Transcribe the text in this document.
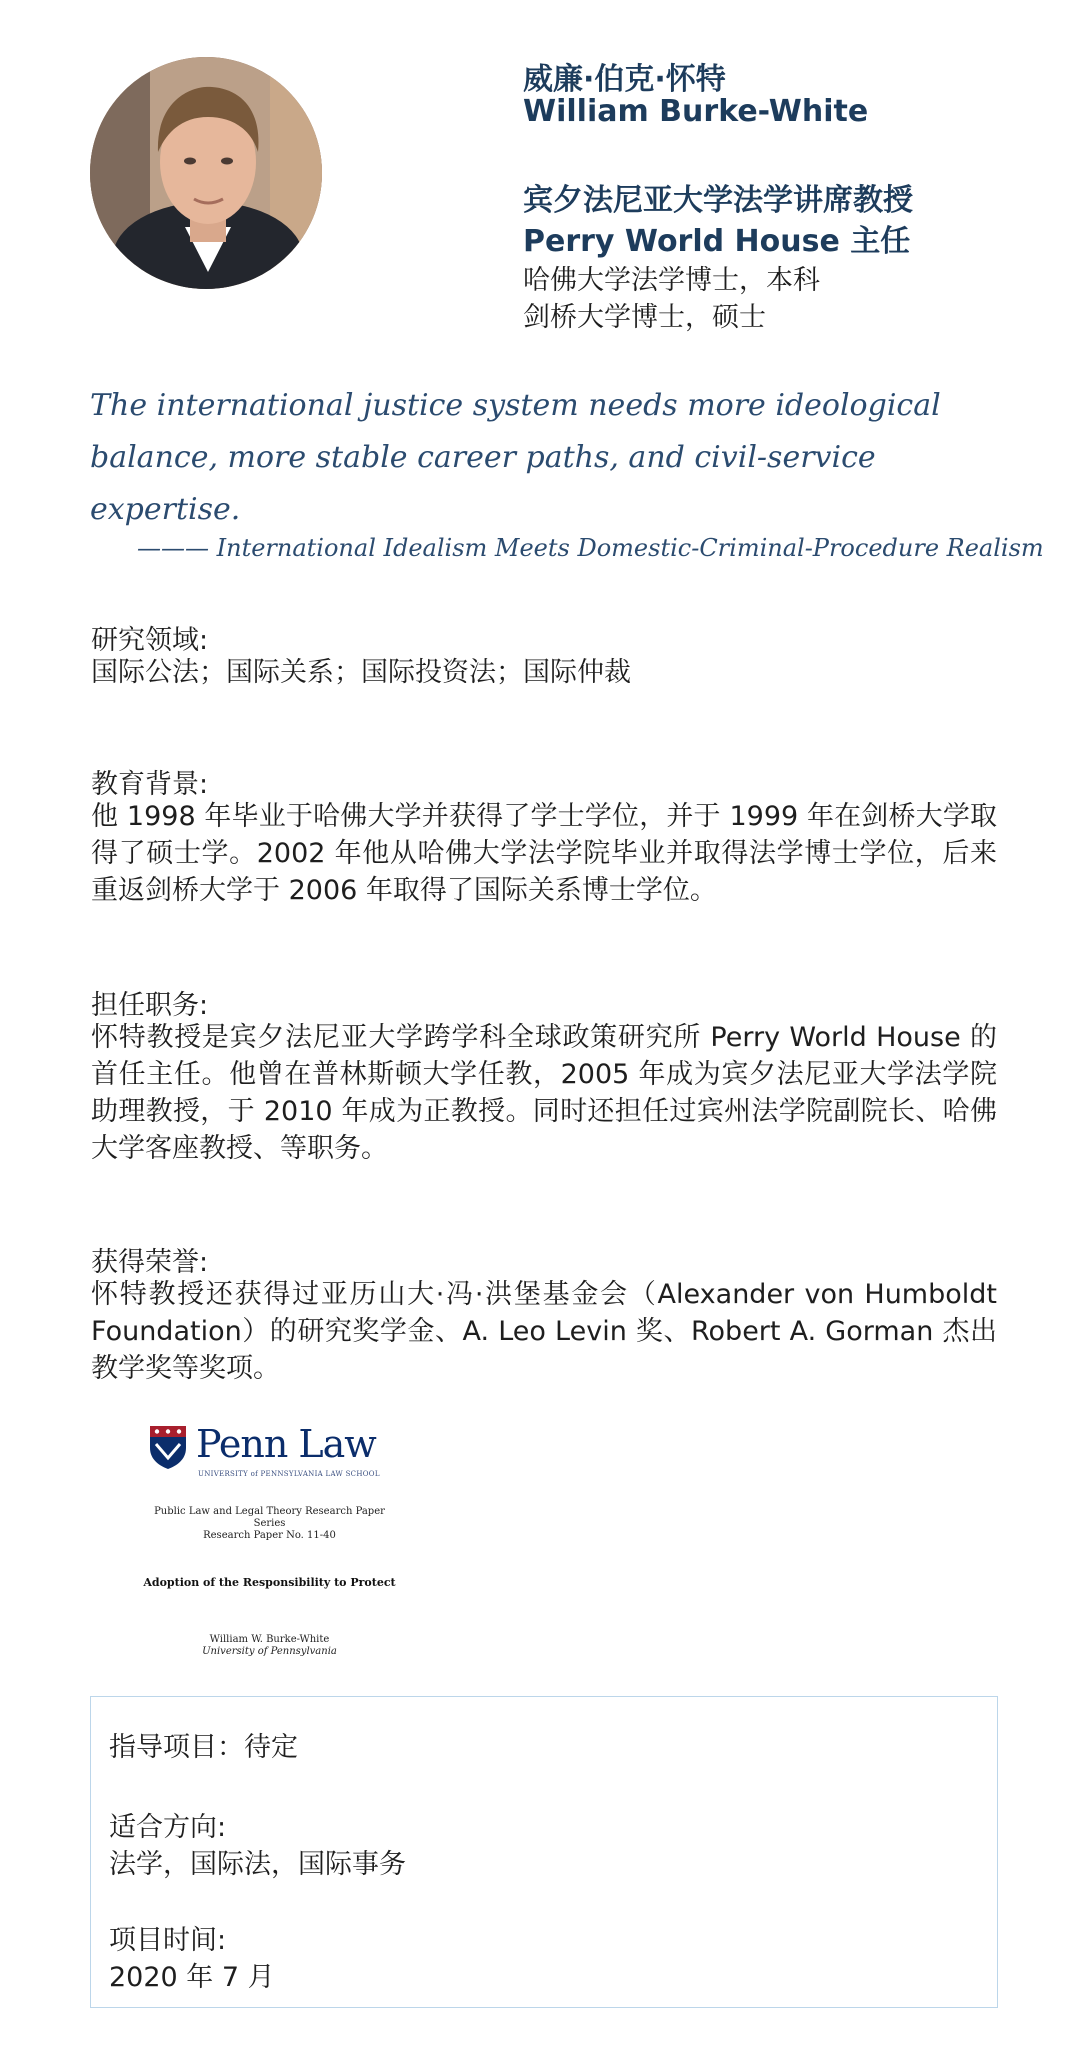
威廉·伯克·怀特
William Burke-White
宾夕法尼亚大学法学讲席教授
Perry World House 主任
哈佛大学法学博士，本科
剑桥大学博士，硕士
The international justice system needs more ideological balance, more stable career paths, and civil-service expertise.
——— International Idealism Meets Domestic-Criminal-Procedure Realism
研究领域:
国际公法；国际关系；国际投资法；国际仲裁
教育背景:
他 1998 年毕业于哈佛大学并获得了学士学位，并于 1999 年在剑桥大学取得了硕士学。2002 年他从哈佛大学法学院毕业并取得法学博士学位，后来重返剑桥大学于 2006 年取得了国际关系博士学位。
担任职务:
怀特教授是宾夕法尼亚大学跨学科全球政策研究所 Perry World House 的首任主任。他曾在普林斯顿大学任教，2005 年成为宾夕法尼亚大学法学院助理教授，于 2010 年成为正教授。同时还担任过宾州法学院副院长、哈佛大学客座教授、等职务。
获得荣誉:
怀特教授还获得过亚历山大·冯·洪堡基金会（Alexander von Humboldt Foundation）的研究奖学金、A. Leo Levin 奖、Robert A. Gorman 杰出教学奖等奖项。
Penn Law
UNIVERSITY of PENNSYLVANIA LAW SCHOOL
Public Law and Legal Theory Research Paper Series
Research Paper No. 11-40
Adoption of the Responsibility to Protect
William W. Burke-White

University of Pennsylvania
指导项目：待定
适合方向:
法学，国际法，国际事务
项目时间:
2020 年 7 月
